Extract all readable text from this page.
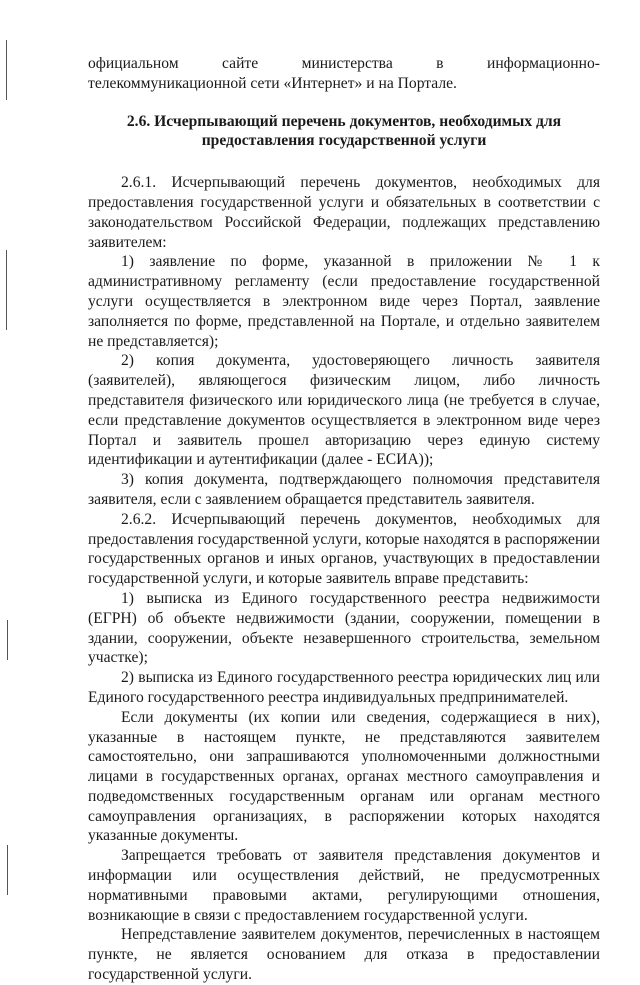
официальном сайте министерства в информационно-телекоммуникационной сети «Интернет» и на Портале.

2.6. Исчерпывающий перечень документов, необходимых для предоставления государственной услуги

2.6.1. Исчерпывающий перечень документов, необходимых для предоставления государственной услуги и обязательных в соответствии с законодательством Российской Федерации, подлежащих представлению заявителем:

1) заявление по форме, указанной в приложении № 1 к административному регламенту (если предоставление государственной услуги осуществляется в электронном виде через Портал, заявление заполняется по форме, представленной на Портале, и отдельно заявителем не представляется);

2) копия документа, удостоверяющего личность заявителя (заявителей), являющегося физическим лицом, либо личность представителя физического или юридического лица (не требуется в случае, если представление документов осуществляется в электронном виде через Портал и заявитель прошел авторизацию через единую систему идентификации и аутентификации (далее - ЕСИА));

3) копия документа, подтверждающего полномочия представителя заявителя, если с заявлением обращается представитель заявителя.

2.6.2. Исчерпывающий перечень документов, необходимых для предоставления государственной услуги, которые находятся в распоряжении государственных органов и иных органов, участвующих в предоставлении государственной услуги, и которые заявитель вправе представить:

1) выписка из Единого государственного реестра недвижимости (ЕГРН) об объекте недвижимости (здании, сооружении, помещении в здании, сооружении, объекте незавершенного строительства, земельном участке);

2) выписка из Единого государственного реестра юридических лиц или Единого государственного реестра индивидуальных предпринимателей.

Если документы (их копии или сведения, содержащиеся в них), указанные в настоящем пункте, не представляются заявителем самостоятельно, они запрашиваются уполномоченными должностными лицами в государственных органах, органах местного самоуправления и подведомственных государственным органам или органам местного самоуправления организациях, в распоряжении которых находятся указанные документы.

Запрещается требовать от заявителя представления документов и информации или осуществления действий, не предусмотренных нормативными правовыми актами, регулирующими отношения, возникающие в связи с предоставлением государственной услуги.

Непредставление заявителем документов, перечисленных в настоящем пункте, не является основанием для отказа в предоставлении государственной услуги.
